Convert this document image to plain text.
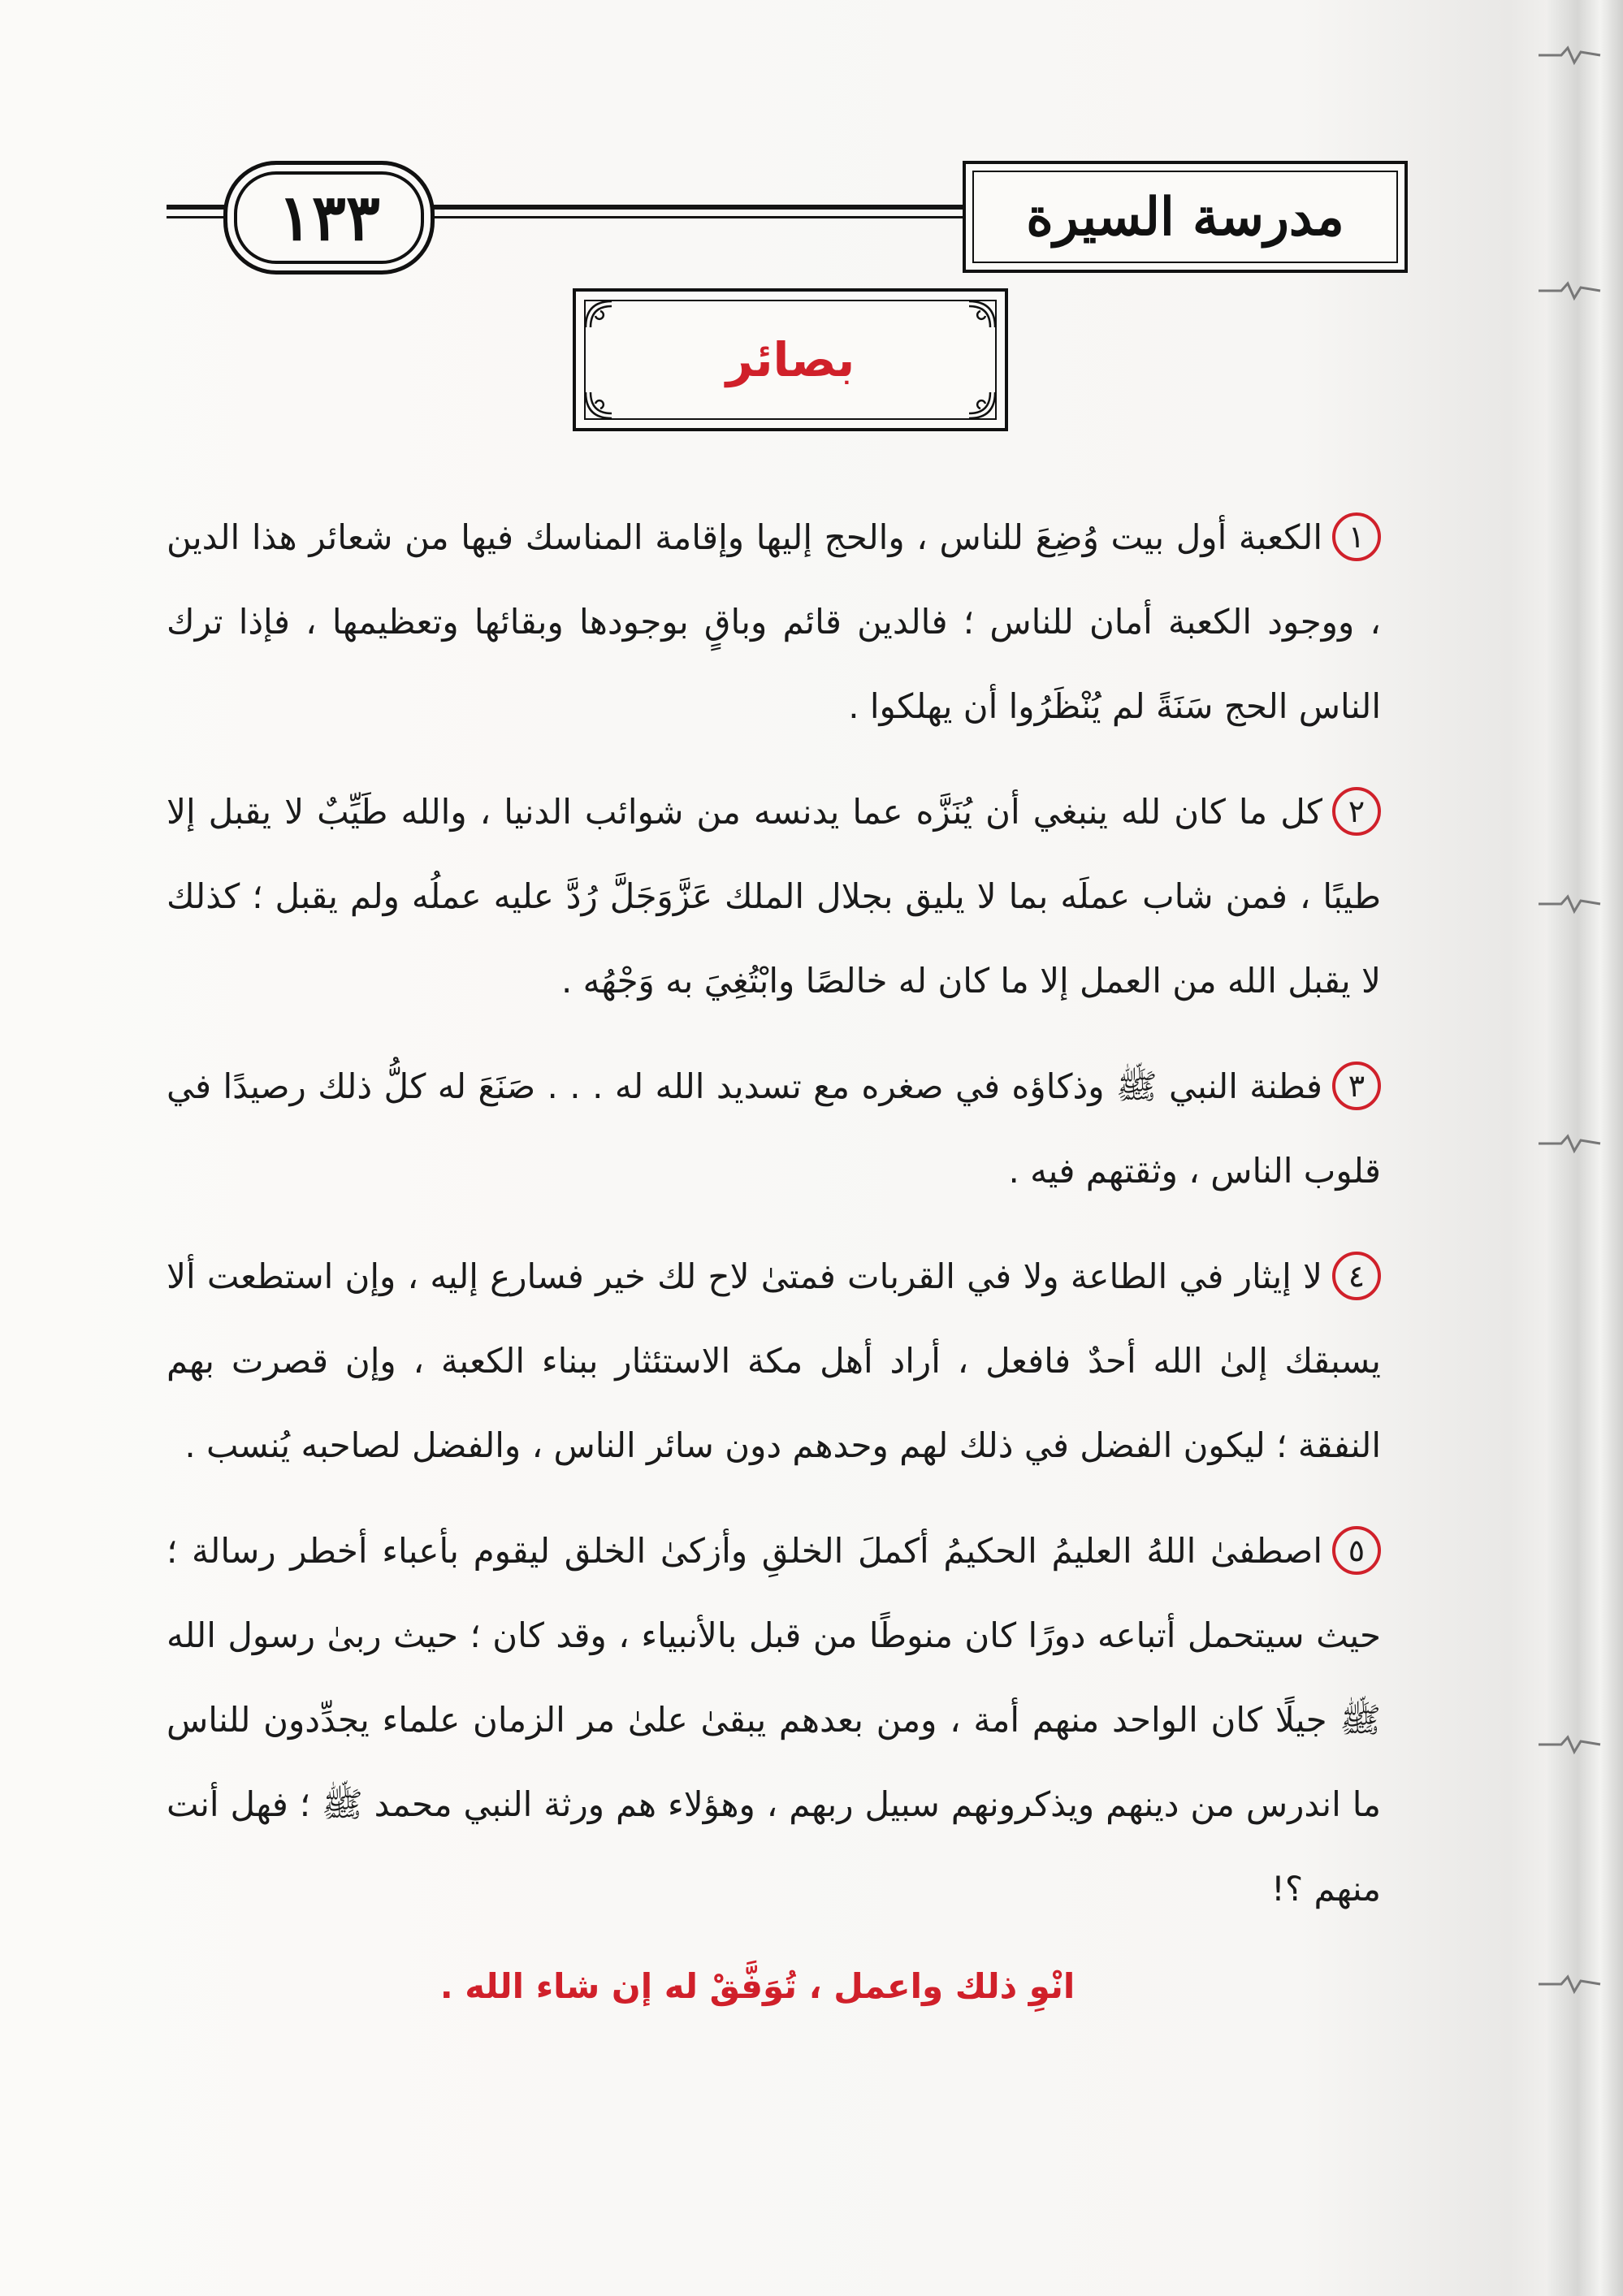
١٣٣	مدرسة السيرة
بصائر

١الكعبة أول بيت وُضِعَ للناس ، والحج إليها وإقامة المناسك فيها من شعائر هذا الدين ، ووجود الكعبة أمان للناس ؛ فالدين قائم وباقٍ بوجودها وبقائها وتعظيمها ، فإذا ترك الناس الحج سَنَةً لم يُنْظَرُوا أن يهلكوا .

٢كل ما كان لله ينبغي أن يُنَزَّه عما يدنسه من شوائب الدنيا ، والله طَيِّبٌ لا يقبل إلا طيبًا ، فمن شاب عملَه بما لا يليق بجلال الملك عَزَّوَجَلَّ رُدَّ عليه عملُه ولم يقبل ؛ كذلك لا يقبل الله من العمل إلا ما كان له خالصًا وابْتُغِيَ به وَجْهُه .

٣فطنة النبي ﷺ وذكاؤه في صغره مع تسديد الله له . . . صَنَعَ له كلُّ ذلك رصيدًا في قلوب الناس ، وثقتهم فيه .

٤لا إيثار في الطاعة ولا في القربات فمتىٰ لاح لك خير فسارع إليه ، وإن استطعت ألا يسبقك إلىٰ الله أحدٌ فافعل ، أراد أهل مكة الاستئثار ببناء الكعبة ، وإن قصرت بهم النفقة ؛ ليكون الفضل في ذلك لهم وحدهم دون سائر الناس ، والفضل لصاحبه يُنسب .

٥اصطفىٰ اللهُ العليمُ الحكيمُ أكملَ الخلقِ وأزكىٰ الخلق ليقوم بأعباء أخطر رسالة ؛ حيث سيتحمل أتباعه دورًا كان منوطًا من قبل بالأنبياء ، وقد كان ؛ حيث ربىٰ رسول الله ﷺ جيلًا كان الواحد منهم أمة ، ومن بعدهم يبقىٰ علىٰ مر الزمان علماء يجدِّدون للناس ما اندرس من دينهم ويذكرونهم سبيل ربهم ، وهؤلاء هم ورثة النبي محمد ﷺ ؛ فهل أنت منهم ؟!

انْوِ ذلك واعمل ، تُوَفَّقْ له إن شاء الله .
